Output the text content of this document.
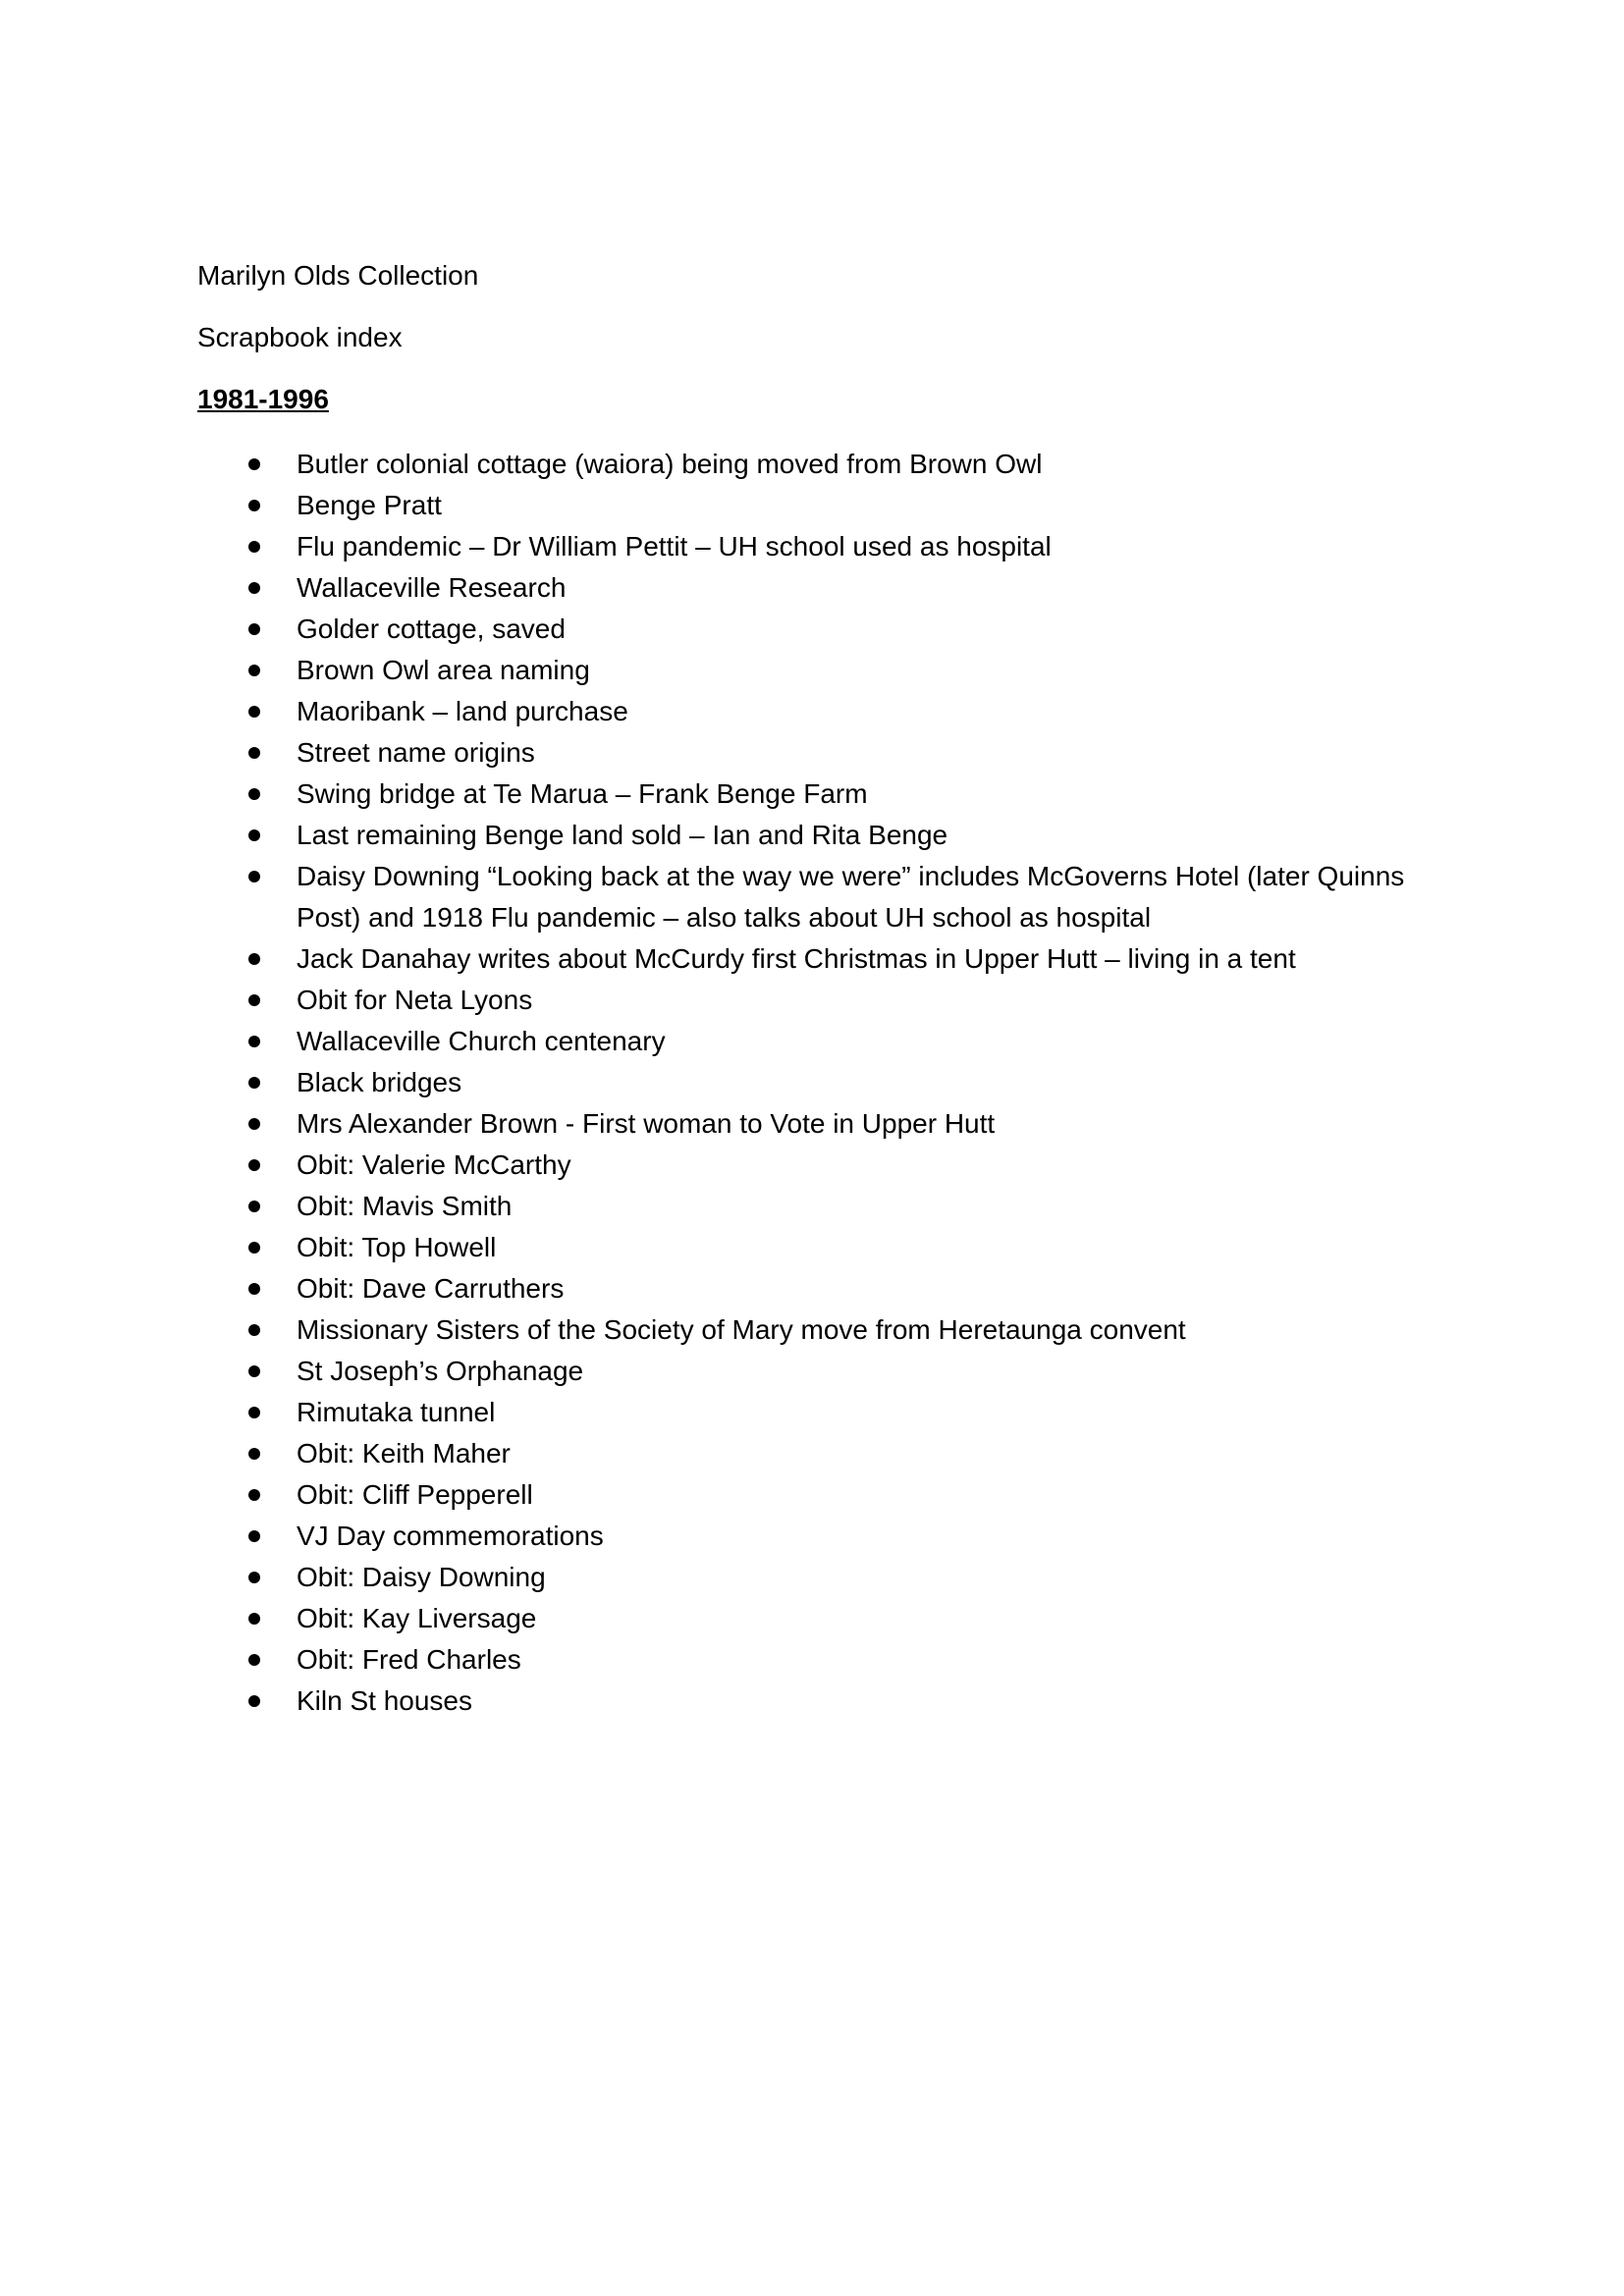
Marilyn Olds Collection

Scrapbook index

1981-1996

Butler colonial cottage (waiora) being moved from Brown Owl
Benge Pratt
Flu pandemic – Dr William Pettit – UH school used as hospital
Wallaceville Research
Golder cottage, saved
Brown Owl area naming
Maoribank – land purchase
Street name origins
Swing bridge at Te Marua – Frank Benge Farm
Last remaining Benge land sold – Ian and Rita Benge
Daisy Downing “Looking back at the way we were” includes McGoverns Hotel (later Quinns Post) and 1918 Flu pandemic – also talks about UH school as hospital
Jack Danahay writes about McCurdy first Christmas in Upper Hutt – living in a tent
Obit for Neta Lyons
Wallaceville Church centenary
Black bridges
Mrs Alexander Brown - First woman to Vote in Upper Hutt
Obit: Valerie McCarthy
Obit: Mavis Smith
Obit: Top Howell
Obit: Dave Carruthers
Missionary Sisters of the Society of Mary move from Heretaunga convent
St Joseph’s Orphanage
Rimutaka tunnel
Obit: Keith Maher
Obit: Cliff Pepperell
VJ Day commemorations
Obit: Daisy Downing
Obit: Kay Liversage
Obit: Fred Charles
Kiln St houses
